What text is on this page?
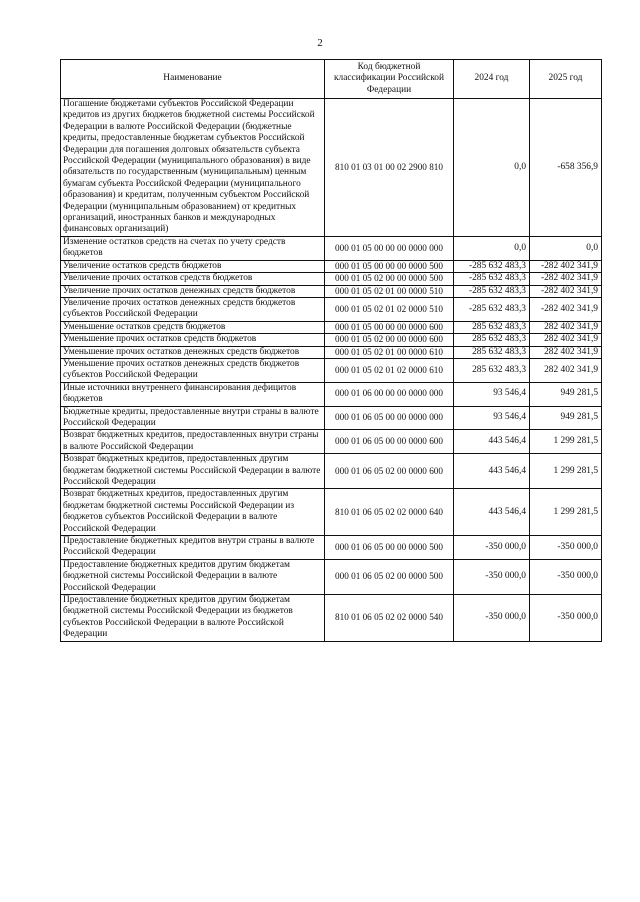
2
Наименование	Код бюджетной классификации Российской Федерации	2024 год	2025 год
Погашение бюджетами субъектов Российской Федерации кредитов из других бюджетов бюджетной системы Российской Федерации в валюте Российской Федерации (бюджетные кредиты, предоставленные бюджетам субъектов Российской Федерации для погашения долговых обязательств субъекта Российской Федерации (муниципального образования) в виде обязательств по государственным (муниципальным) ценным бумагам субъекта Российской Федерации (муниципального образования) и кредитам, полученным субъектом Российской Федерации (муниципальным образованием) от кредитных организаций, иностранных банков и международных финансовых организаций)	810 01 03 01 00 02 2900 810	0,0	-658 356,9
Изменение остатков средств на счетах по учету средств бюджетов	000 01 05 00 00 00 0000 000	0,0	0,0
Увеличение остатков средств бюджетов	000 01 05 00 00 00 0000 500	-285 632 483,3	-282 402 341,9
Увеличение прочих остатков средств бюджетов	000 01 05 02 00 00 0000 500	-285 632 483,3	-282 402 341,9
Увеличение прочих остатков денежных средств бюджетов	000 01 05 02 01 00 0000 510	-285 632 483,3	-282 402 341,9
Увеличение прочих остатков денежных средств бюджетов субъектов Российской Федерации	000 01 05 02 01 02 0000 510	-285 632 483,3	-282 402 341,9
Уменьшение остатков средств бюджетов	000 01 05 00 00 00 0000 600	285 632 483,3	282 402 341,9
Уменьшение прочих остатков средств бюджетов	000 01 05 02 00 00 0000 600	285 632 483,3	282 402 341,9
Уменьшение прочих остатков денежных средств бюджетов	000 01 05 02 01 00 0000 610	285 632 483,3	282 402 341,9
Уменьшение прочих остатков денежных средств бюджетов субъектов Российской Федерации	000 01 05 02 01 02 0000 610	285 632 483,3	282 402 341,9
Иные источники внутреннего финансирования дефицитов бюджетов	000 01 06 00 00 00 0000 000	93 546,4	949 281,5
Бюджетные кредиты, предоставленные внутри страны в валюте Российской Федерации	000 01 06 05 00 00 0000 000	93 546,4	949 281,5
Возврат бюджетных кредитов, предоставленных внутри страны в валюте Российской Федерации	000 01 06 05 00 00 0000 600	443 546,4	1 299 281,5
Возврат бюджетных кредитов, предоставленных другим бюджетам бюджетной системы Российской Федерации в валюте Российской Федерации	000 01 06 05 02 00 0000 600	443 546,4	1 299 281,5
Возврат бюджетных кредитов, предоставленных другим бюджетам бюджетной системы Российской Федерации из бюджетов субъектов Российской Федерации в валюте Российской Федерации	810 01 06 05 02 02 0000 640	443 546,4	1 299 281,5
Предоставление бюджетных кредитов внутри страны в валюте Российской Федерации	000 01 06 05 00 00 0000 500	-350 000,0	-350 000,0
Предоставление бюджетных кредитов другим бюджетам бюджетной системы Российской Федерации в валюте Российской Федерации	000 01 06 05 02 00 0000 500	-350 000,0	-350 000,0
Предоставление бюджетных кредитов другим бюджетам бюджетной системы Российской Федерации из бюджетов субъектов Российской Федерации в валюте Российской Федерации	810 01 06 05 02 02 0000 540	-350 000,0	-350 000,0
